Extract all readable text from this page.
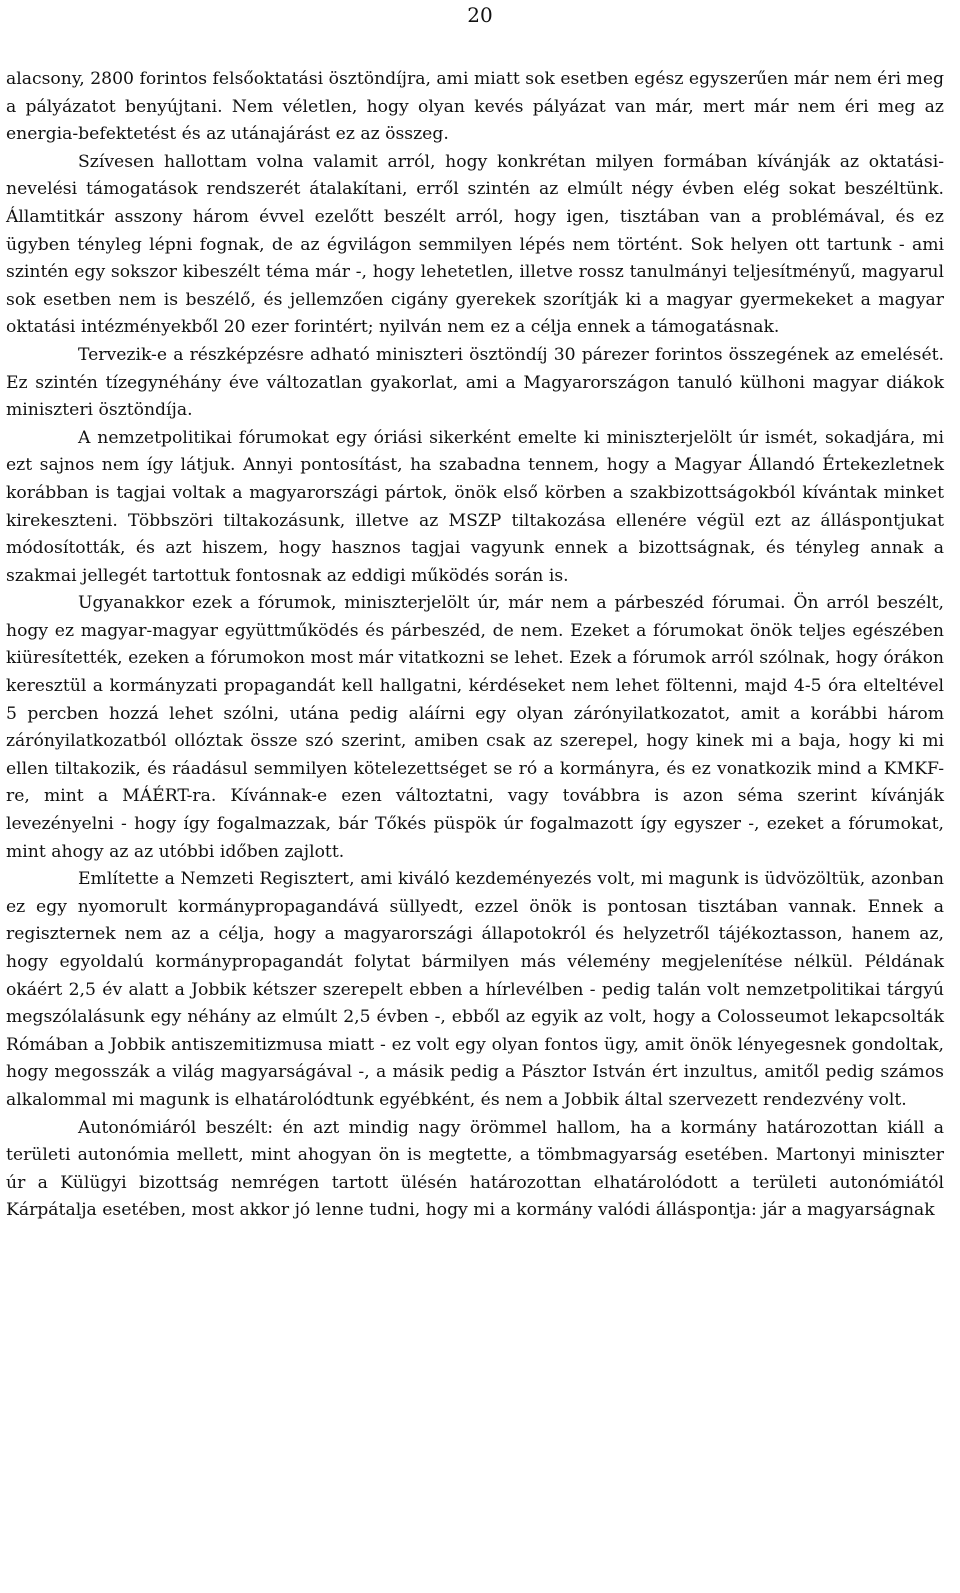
20

alacsony, 2800 forintos felsőoktatási ösztöndíjra, ami miatt sok esetben egész egyszerűen már nem éri meg a pályázatot benyújtani. Nem véletlen, hogy olyan kevés pályázat van már, mert már nem éri meg az energia-befektetést és az utánajárást ez az összeg.

Szívesen hallottam volna valamit arról, hogy konkrétan milyen formában kívánják az oktatási-nevelési támogatások rendszerét átalakítani, erről szintén az elmúlt négy évben elég sokat beszéltünk. Államtitkár asszony három évvel ezelőtt beszélt arról, hogy igen, tisztában van a problémával, és ez ügyben tényleg lépni fognak, de az égvilágon semmilyen lépés nem történt. Sok helyen ott tartunk - ami szintén egy sokszor kibeszélt téma már -, hogy lehetetlen, illetve rossz tanulmányi teljesítményű, magyarul sok esetben nem is beszélő, és jellemzően cigány gyerekek szorítják ki a magyar gyermekeket a magyar oktatási intézményekből 20 ezer forintért; nyilván nem ez a célja ennek a támogatásnak.

Tervezik-e a részképzésre adható miniszteri ösztöndíj 30 párezer forintos összegének az emelését. Ez szintén tízegynéhány éve változatlan gyakorlat, ami a Magyarországon tanuló külhoni magyar diákok miniszteri ösztöndíja.

A nemzetpolitikai fórumokat egy óriási sikerként emelte ki miniszterjelölt úr ismét, sokadjára, mi ezt sajnos nem így látjuk. Annyi pontosítást, ha szabadna tennem, hogy a Magyar Állandó Értekezletnek korábban is tagjai voltak a magyarországi pártok, önök első körben a szakbizottságokból kívántak minket kirekeszteni. Többszöri tiltakozásunk, illetve az MSZP tiltakozása ellenére végül ezt az álláspontjukat módosították, és azt hiszem, hogy hasznos tagjai vagyunk ennek a bizottságnak, és tényleg annak a szakmai jellegét tartottuk fontosnak az eddigi működés során is.

Ugyanakkor ezek a fórumok, miniszterjelölt úr, már nem a párbeszéd fórumai. Ön arról beszélt, hogy ez magyar-magyar együttműködés és párbeszéd, de nem. Ezeket a fórumokat önök teljes egészében kiüresítették, ezeken a fórumokon most már vitatkozni se lehet. Ezek a fórumok arról szólnak, hogy órákon keresztül a kormányzati propagandát kell hallgatni, kérdéseket nem lehet föltenni, majd 4-5 óra elteltével 5 percben hozzá lehet szólni, utána pedig aláírni egy olyan zárónyilatkozatot, amit a korábbi három zárónyilatkozatból ollóztak össze szó szerint, amiben csak az szerepel, hogy kinek mi a baja, hogy ki mi ellen tiltakozik, és ráadásul semmilyen kötelezettséget se ró a kormányra, és ez vonatkozik mind a KMKF-re, mint a MÁÉRT-ra. Kívánnak-e ezen változtatni, vagy továbbra is azon séma szerint kívánják levezényelni - hogy így fogalmazzak, bár Tőkés püspök úr fogalmazott így egyszer -, ezeket a fórumokat, mint ahogy az az utóbbi időben zajlott.

Említette a Nemzeti Regisztert, ami kiváló kezdeményezés volt, mi magunk is üdvözöltük, azonban ez egy nyomorult kormánypropagandává süllyedt, ezzel önök is pontosan tisztában vannak. Ennek a regiszternek nem az a célja, hogy a magyarországi állapotokról és helyzetről tájékoztasson, hanem az, hogy egyoldalú kormánypropagandát folytat bármilyen más vélemény megjelenítése nélkül. Példának okáért 2,5 év alatt a Jobbik kétszer szerepelt ebben a hírlevélben - pedig talán volt nemzetpolitikai tárgyú megszólalásunk egy néhány az elmúlt 2,5 évben -, ebből az egyik az volt, hogy a Colosseumot lekapcsolták Rómában a Jobbik antiszemitizmusa miatt - ez volt egy olyan fontos ügy, amit önök lényegesnek gondoltak, hogy megosszák a világ magyarságával -, a másik pedig a Pásztor István ért inzultus, amitől pedig számos alkalommal mi magunk is elhatárolódtunk egyébként, és nem a Jobbik által szervezett rendezvény volt.

Autonómiáról beszélt: én azt mindig nagy örömmel hallom, ha a kormány határozottan kiáll a területi autonómia mellett, mint ahogyan ön is megtette, a tömbmagyarság esetében. Martonyi miniszter úr a Külügyi bizottság nemrégen tartott ülésén határozottan elhatárolódott a területi autonómiától Kárpátalja esetében, most akkor jó lenne tudni, hogy mi a kormány valódi álláspontja: jár a magyarságnak
